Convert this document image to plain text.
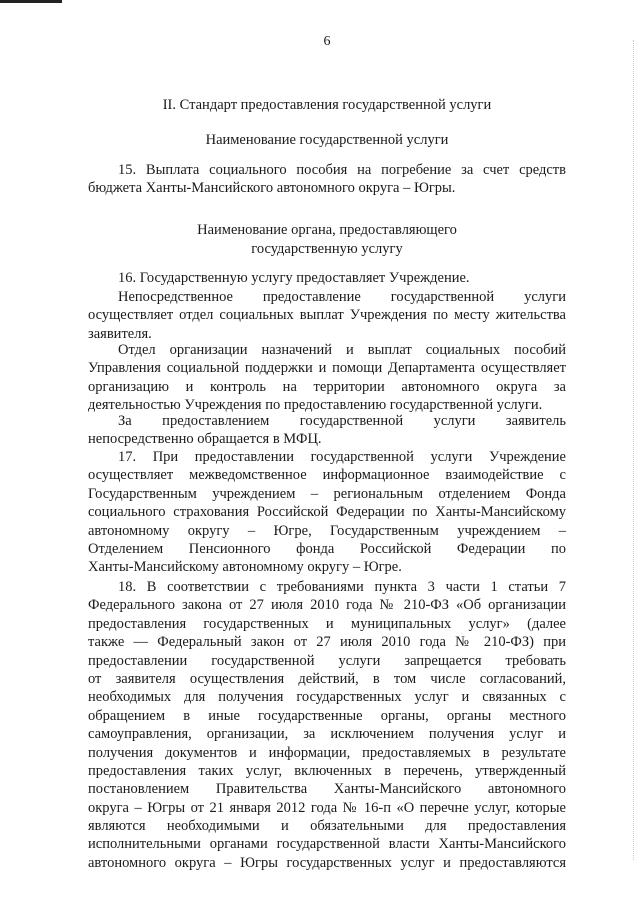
6
II. Стандарт предоставления государственной услуги
Наименование государственной услуги
15. Выплата социального пособия на погребение за счет средств
бюджета Ханты-Мансийского автономного округа – Югры.
Наименование органа, предоставляющего
государственную услугу
16. Государственную услугу предоставляет Учреждение.
Непосредственное предоставление государственной услуги
осуществляет отдел социальных выплат Учреждения по месту жительства
заявителя.
Отдел организации назначений и выплат социальных пособий
Управления социальной поддержки и помощи Департамента осуществляет
организацию и контроль на территории автономного округа за
деятельностью Учреждения по предоставлению государственной услуги.
За предоставлением государственной услуги заявитель
непосредственно обращается в МФЦ.
17. При предоставлении государственной услуги Учреждение
осуществляет межведомственное информационное взаимодействие с
Государственным учреждением – региональным отделением Фонда
социального страхования Российской Федерации по Ханты-Мансийскому
автономному округу – Югре, Государственным учреждением –
Отделением Пенсионного фонда Российской Федерации по
Ханты-Мансийскому автономному округу – Югре.
18. В соответствии с требованиями пункта 3 части 1 статьи 7
Федерального закона от 27 июля 2010 года № 210-ФЗ «Об организации
предоставления государственных и муниципальных услуг» (далее
также — Федеральный закон от 27 июля 2010 года № 210-ФЗ) при
предоставлении государственной услуги запрещается требовать
от заявителя осуществления действий, в том числе согласований,
необходимых для получения государственных услуг и связанных с
обращением в иные государственные органы, органы местного
самоуправления, организации, за исключением получения услуг и
получения документов и информации, предоставляемых в результате
предоставления таких услуг, включенных в перечень, утвержденный
постановлением Правительства Ханты-Мансийского автономного
округа – Югры от 21 января 2012 года № 16-п «О перечне услуг, которые
являются необходимыми и обязательными для предоставления
исполнительными органами государственной власти Ханты-Мансийского
автономного округа – Югры государственных услуг и предоставляются
